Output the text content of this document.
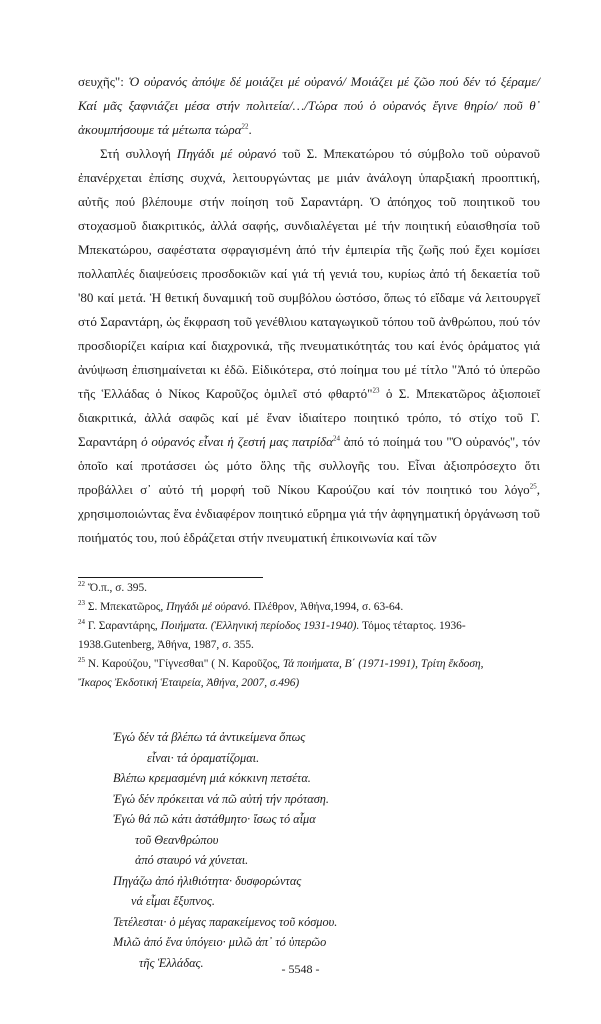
σευχῆς": Ὁ οὐρανός ἀπόψε δέ μοιάζει μέ οὐρανό/ Μοιάζει μέ ζῶο πού δέν τό ξέραμε/ Καί μᾶς ξαφνιάζει μέσα στήν πολιτεία/…/Τώρα πού ὁ οὐρανός ἔγινε θηρίο/ ποῦ θ᾽ ἀκουμπήσουμε τά μέτωπα τώρα$^{22}$.

Στή συλλογή Πηγάδι μέ οὐρανό τοῦ Σ. Μπεκατώρου τό σύμβολο τοῦ οὐρανοῦ ἐπανέρχεται ἐπίσης συχνά, λειτουργώντας με μιάν ἀνάλογη ὑπαρξιακή προοπτική, αὐτῆς πού βλέπουμε στήν ποίηση τοῦ Σαραντάρη. Ὁ ἀπόηχος τοῦ ποιητικοῦ του στοχασμοῦ διακριτικός, ἀλλά σαφής, συνδιαλέγεται μέ τήν ποιητική εὐαισθησία τοῦ Μπεκατώρου, σαφέστατα σφραγισμένη ἀπό τήν ἐμπειρία τῆς ζωῆς πού ἔχει κομίσει πολλαπλές διαψεύσεις προσδοκιῶν καί γιά τή γενιά του, κυρίως ἀπό τή δεκαετία τοῦ '80 καί μετά. Ἡ θετική δυναμική τοῦ συμβόλου ὡστόσο, ὅπως τό εἴδαμε νά λειτουργεῖ στό Σαραντάρη, ὡς ἔκφραση τοῦ γενέθλιου καταγωγικοῦ τόπου τοῦ ἀνθρώπου, πού τόν προσδιορίζει καίρια καί διαχρονικά, τῆς πνευματικότητάς του καί ἑνός ὁράματος γιά ἀνύψωση ἐπισημαίνεται κι ἐδῶ. Εἰδικότερα, στό ποίημα του μέ τίτλο "Ἀπό τό ὑπερῶο τῆς Ἑλλάδας ὁ Νίκος Καροῦζος ὁμιλεῖ στό φθαρτό"$^{23}$ ὁ Σ. Μπεκατῶρος ἀξιοποιεῖ διακριτικά, ἀλλά σαφῶς καί μέ ἕναν ἰδιαίτερο ποιητικό τρόπο, τό στίχο τοῦ Γ. Σαραντάρη ὁ οὐρανός εἶναι ἡ ζεστή μας πατρίδα$^{24}$ ἀπό τό ποίημά του "Ὁ οὐρανός", τόν ὁποῖο καί προτάσσει ὡς μότο ὅλης τῆς συλλογῆς του. Εἶναι ἀξιοπρόσεχτο ὅτι προβάλλει σ᾽ αὐτό τή μορφή τοῦ Νίκου Καρούζου καί τόν ποιητικό του λόγο$^{25}$, χρησιμοποιώντας ἕνα ἐνδιαφέρον ποιητικό εὕρημα γιά τήν ἀφηγηματική ὀργάνωση τοῦ ποιήματός του, πού ἑδράζεται στήν πνευματική ἐπικοινωνία καί τῶν

$^{22}$ Ὅ.π., σ. 395.
$^{23}$ Σ. Μπεκατῶρος, Πηγάδι μέ οὐρανό. Πλέθρον, Ἀθήνα,1994, σ. 63-64.
$^{24}$ Γ. Σαραντάρης, Ποιήματα. (Ἑλληνική περίοδος 1931-1940). Τόμος τέταρτος. 1936-
1938.Gutenberg, Ἀθήνα, 1987, σ. 355.
$^{25}$ Ν. Καρούζου, "Γίγνεσθαι" ( Ν. Καροῦζος, Τά ποιήματα, Β΄ (1971-1991), Τρίτη ἔκδοση,
Ἴκαρος Ἐκδοτική Ἑταιρεία, Ἀθήνα, 2007, σ.496)
Ἐγώ δέν τά βλέπω τά ἀντικείμενα ὅπως
εἶναι· τά ὁραματίζομαι.
Βλέπω κρεμασμένη μιά κόκκινη πετσέτα.
Ἐγώ δέν πρόκειται νά πῶ αὐτή τήν πρόταση.
Ἐγώ θά πῶ κάτι ἀστάθμητο· ἴσως τό αἷμα
τοῦ Θεανθρώπου
ἀπό σταυρό νά χύνεται.
Πηγάζω ἀπό ἠλιθιότητα· δυσφορώντας
νά εἶμαι ἔξυπνος.
Τετέλεσται· ὁ μέγας παρακείμενος τοῦ κόσμου.
Μιλῶ ἀπό ἕνα ὑπόγειο· μιλῶ ἀπ᾽ τό ὑπερῶο
τῆς Ἑλλάδας.	- 5548 -
